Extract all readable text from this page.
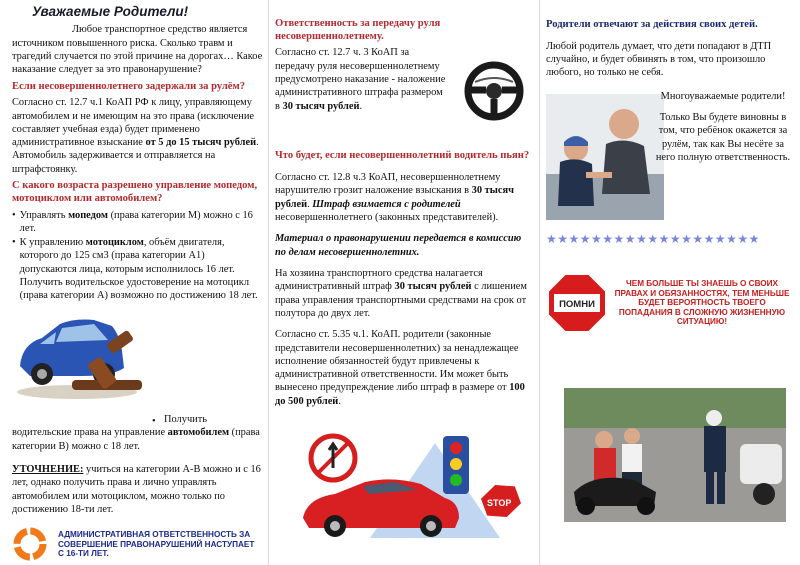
Уважаемые Родители!

Любое транспортное средство является источником повышенного риска. Сколько травм и трагедий случается по этой причине на дорогах… Какое наказание следует за это правонарушение?

Если несовершеннолетнего задержали за рулём?

Согласно ст. 12.7 ч.1 КоАП РФ к лицу, управляющему автомобилем и не имеющим на это права (исключение составляет учебная езда) будет применено административное взыскание от 5 до 15 тысяч рублей. Автомобиль задерживается и отправляется на штрафстоянку.

С какого возраста разрешено управление мопедом, мотоциклом или автомобилем?

• Управлять мопедом (права категории М) можно с 16 лет.
• К управлению мотоциклом, объём двигателя, которого до 125 см3 (права категории А1) допускаются лица, которым исполнилось 16 лет. Получить водительское удостоверение на мотоцикл (права категории А) возможно по достижению 18 лет.
• Получить водительские права на управление автомобилем (права категории В) можно с 18 лет.

УТОЧНЕНИЕ: учиться на категории А-В можно и с 16 лет, однако получить права и лично управлять автомобилем или мотоциклом, можно только по достижению 18-ти лет.

АДМИНИСТРАТИВНАЯ ОТВЕТСТВЕННОСТЬ ЗА СОВЕРШЕНИЕ ПРАВОНАРУШЕНИЙ НАСТУПАЕТ С 16-ТИ ЛЕТ.

Ответственность за передачу руля несовершеннолетнему.

Согласно ст. 12.7 ч. 3 КоАП за передачу руля несовершеннолетнему предусмотрено наказание - наложение административного штрафа размером в 30 тысяч рублей.

Что будет, если несовершеннолетний водитель пьян?

Согласно ст. 12.8 ч.3 КоАП, несовершеннолетнему нарушителю грозит наложение взыскания в 30 тысяч рублей. Штраф взимается с родителей несовершеннолетнего (законных представителей).

Материал о правонарушении передается в комиссию по делам несовершеннолетних.

На хозяина транспортного средства налагается административный штраф 30 тысяч рублей с лишением права управления транспортными средствами на срок от полутора до двух лет.

Согласно ст. 5.35 ч.1. КоАП. родители (законные представители несовершеннолетних) за ненадлежащее исполнение обязанностей будут привлечены к административной ответственности. Им может быть вынесено предупреждение либо штраф в размере от 100 до 500 рублей.

STOP

Родители отвечают за действия своих детей.

Любой родитель думает, что дети попадают в ДТП случайно, и будет обвинять в том, что произошло любого, но только не себя.

Многоуважаемые родители!

Только Вы будете виновны в том, что ребёнок окажется за рулём, так как Вы несёте за него полную ответственность.

★★★★★★★★★★★★★★★★★★★
ПОМНИ

ЧЕМ БОЛЬШЕ ТЫ ЗНАЕШЬ О СВОИХ ПРАВАХ И ОБЯЗАННОСТЯХ, ТЕМ МЕНЬШЕ БУДЕТ ВЕРОЯТНОСТЬ ТВОЕГО ПОПАДАНИЯ В СЛОЖНУЮ ЖИЗНЕННУЮ СИТУАЦИЮ!
